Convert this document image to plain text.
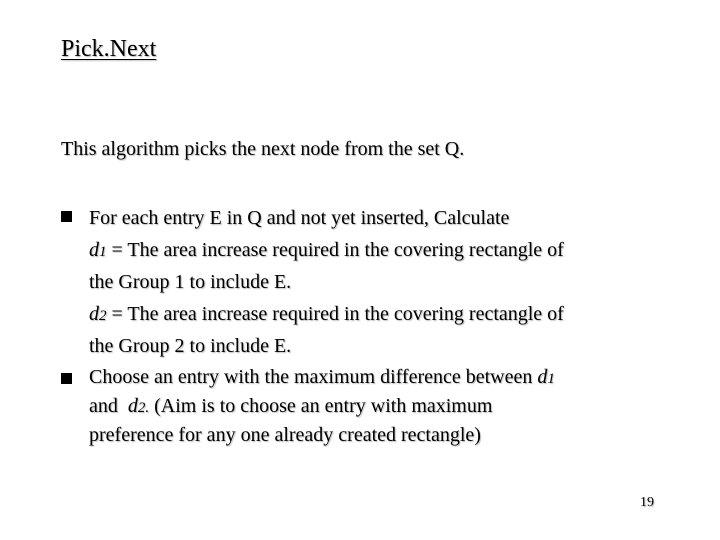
Pick.Next

This algorithm picks the next node from the set Q.

For each entry E in Q and not yet inserted, Calculate
d1 = The area increase required in the covering rectangle of
the Group 1 to include E.
d2 = The area increase required in the covering rectangle of
the Group 2 to include E.
Choose an entry with the maximum difference between d1
and  d2. (Aim is to choose an entry with maximum
preference for any one already created rectangle)

19
